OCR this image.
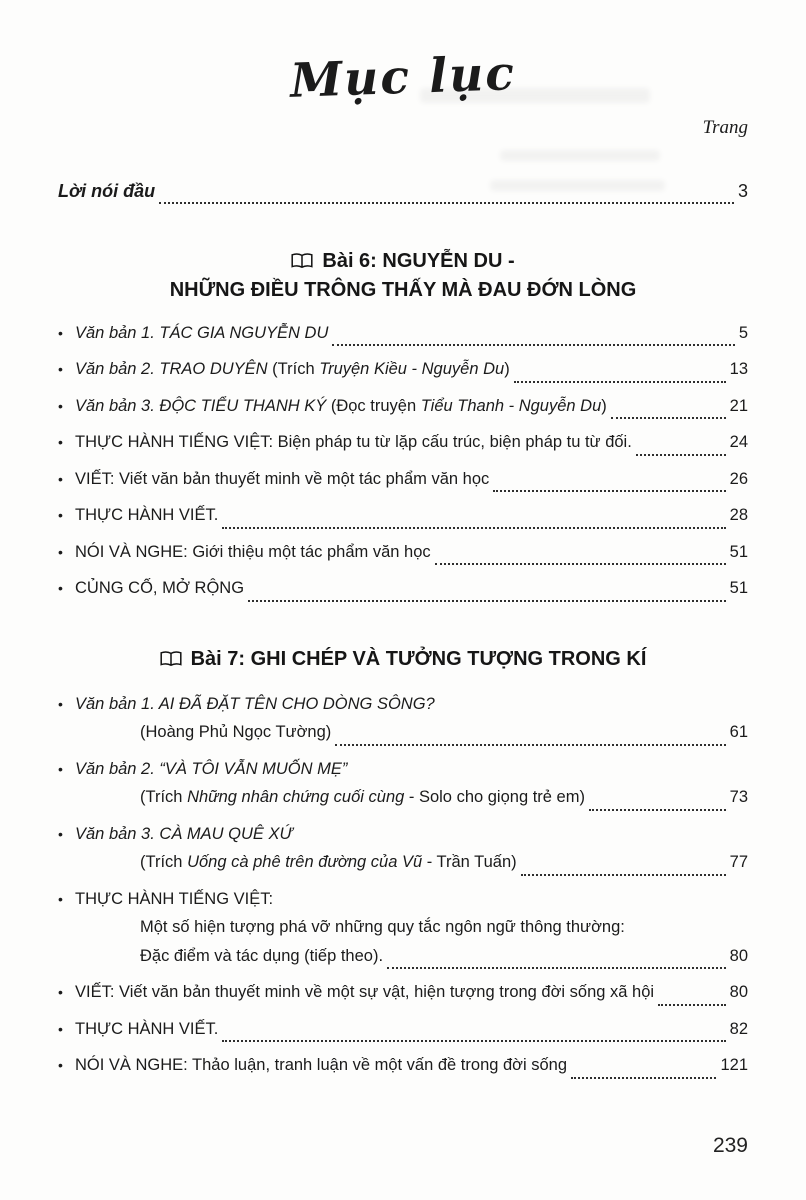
Mục lục
Trang
Lời nói đầu	3
Bài 6: NGUYỄN DU -
NHỮNG ĐIỀU TRÔNG THẤY MÀ ĐAU ĐỚN LÒNG
• Văn bản 1. TÁC GIA NGUYỄN DU	5
• Văn bản 2. TRAO DUYÊN (Trích Truyện Kiều - Nguyễn Du)	13
• Văn bản 3. ĐỘC TIỂU THANH KÝ (Đọc truyện Tiểu Thanh - Nguyễn Du)	21
• THỰC HÀNH TIẾNG VIỆT: Biện pháp tu từ lặp cấu trúc, biện pháp tu từ đối.	24
• VIẾT: Viết văn bản thuyết minh về một tác phẩm văn học	26
• THỰC HÀNH VIẾT.	28
• NÓI VÀ NGHE: Giới thiệu một tác phẩm văn học	51
• CỦNG CỐ, MỞ RỘNG	51
Bài 7: GHI CHÉP VÀ TƯỞNG TƯỢNG TRONG KÍ
• Văn bản 1. AI ĐÃ ĐẶT TÊN CHO DÒNG SÔNG?
(Hoàng Phủ Ngọc Tường)	61
• Văn bản 2. “VÀ TÔI VẪN MUỐN MẸ”
(Trích Những nhân chứng cuối cùng - Solo cho giọng trẻ em)	73
• Văn bản 3. CÀ MAU QUÊ XỨ
(Trích Uống cà phê trên đường của Vũ - Trần Tuấn)	77
• THỰC HÀNH TIẾNG VIỆT:
Một số hiện tượng phá vỡ những quy tắc ngôn ngữ thông thường:
Đặc điểm và tác dụng (tiếp theo).	80
• VIẾT: Viết văn bản thuyết minh về một sự vật, hiện tượng trong đời sống xã hội	80
• THỰC HÀNH VIẾT.	82
• NÓI VÀ NGHE: Thảo luận, tranh luận về một vấn đề trong đời sống	121
239
